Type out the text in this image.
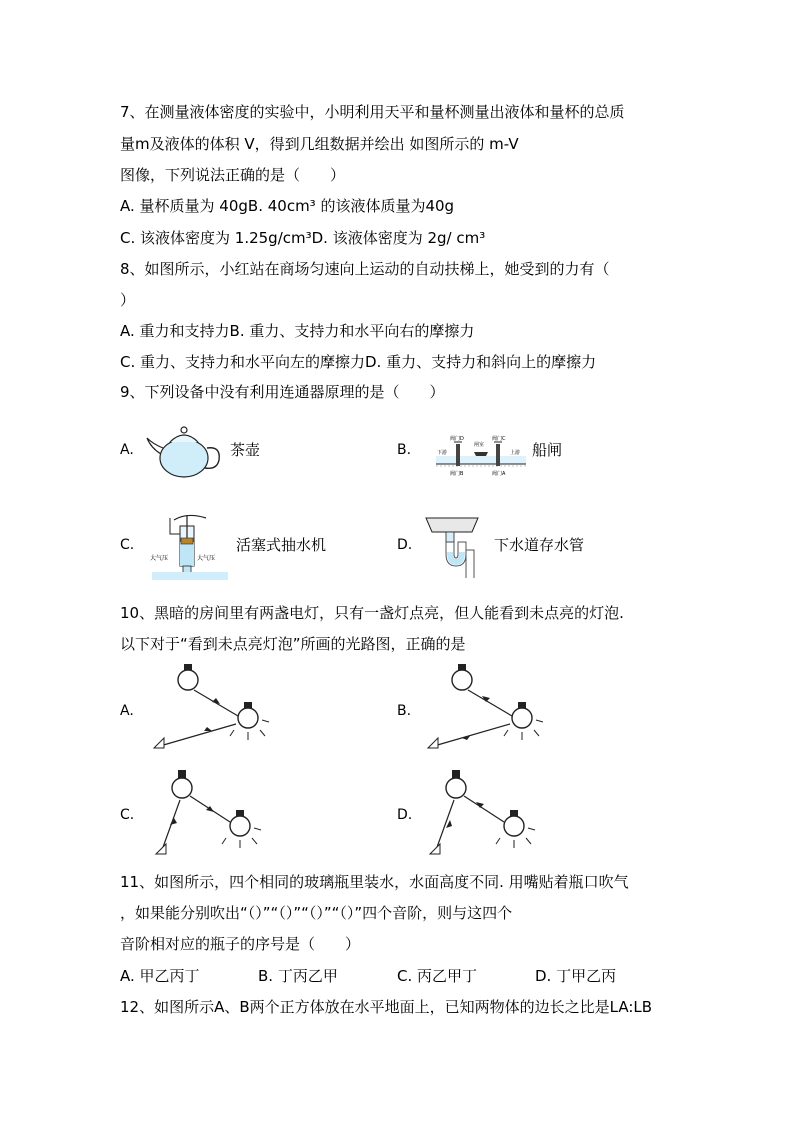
7、在测量液体密度的实验中，小明利用天平和量杯测量出液体和量杯的总质
量m及液体的体积 V，得到几组数据并绘出 如图所示的 m-V
图像，下列说法正确的是（　　）
A. 量杯质量为 40gB. 40cm³ 的该液体质量为40g
C. 该液体密度为 1.25g/cm³D. 该液体密度为 2g/ cm³
8、如图所示，小红站在商场匀速向上运动的自动扶梯上，她受到的力有（
）
A. 重力和支持力B. 重力、支持力和水平向右的摩擦力
C. 重力、支持力和水平向左的摩擦力D. 重力、支持力和斜向上的摩擦力
9、下列设备中没有利用连通器原理的是（　　）
A.	茶壶	B.
阀门D	阀门C
闸室
下游	上游
阀门B	阀门A
船闸
C.
大气压	大气压
活塞式抽水机	D.	下水道存水管
10、黑暗的房间里有两盏电灯，只有一盏灯点亮，但人能看到未点亮的灯泡.
以下对于“看到未点亮灯泡”所画的光路图，正确的是
A.	B.
C.	D.
11、如图所示，四个相同的玻璃瓶里装水，水面高度不同. 用嘴贴着瓶口吹气
，如果能分别吹出“（）”“（）”“（）”“（）”四个音阶，则与这四个
音阶相对应的瓶子的序号是（　　）
A. 甲乙丙丁	B. 丁丙乙甲	C. 丙乙甲丁	D. 丁甲乙丙
12、如图所示A、B两个正方体放在水平地面上，已知两物体的边长之比是LA:LB
